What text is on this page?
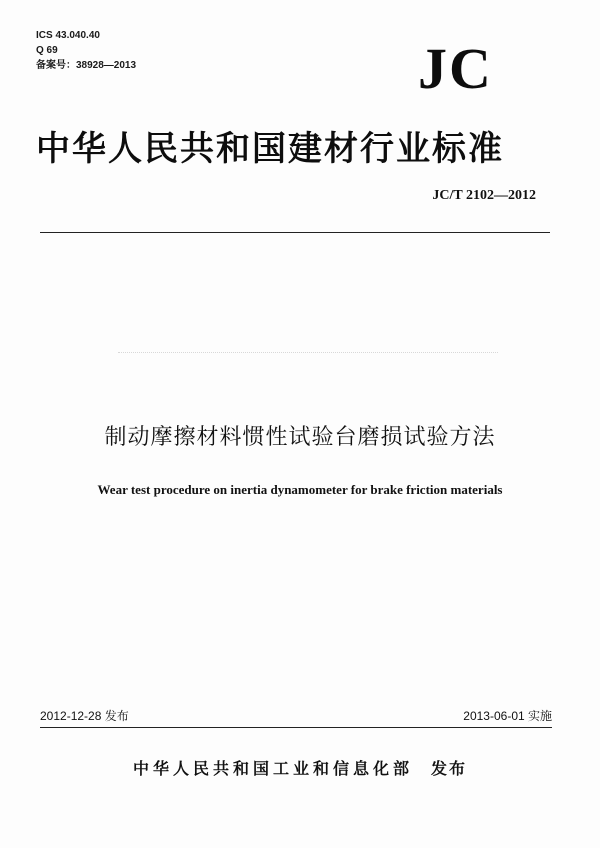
ICS 43.040.40
Q 69
备案号：38928—2013	JC
中华人民共和国建材行业标准
JC/T 2102—2012
制动摩擦材料惯性试验台磨损试验方法
Wear test procedure on inertia dynamometer for brake friction materials
2012-12-28 发布	2013-06-01 实施
中华人民共和国工业和信息化部 发布
